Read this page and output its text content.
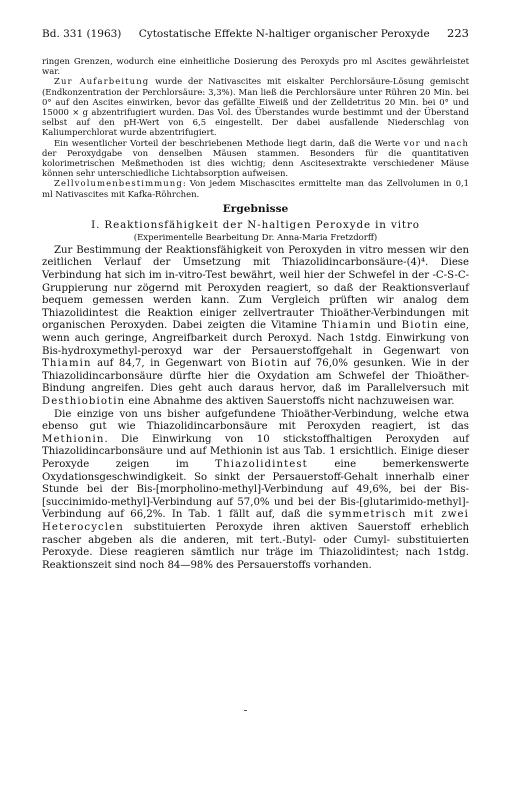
Bd. 331 (1963) Cytostatische Effekte N-haltiger organischer Peroxyde 223

ringen Grenzen, wodurch eine einheitliche Dosierung des Peroxyds pro ml Ascites gewährleistet war.

Zur Aufarbeitung wurde der Nativascites mit eiskalter Perchlorsäure-Lösung gemischt (Endkonzentration der Perchlorsäure: 3,3%). Man ließ die Perchlorsäure unter Rühren 20 Min. bei 0° auf den Ascites einwirken, bevor das gefällte Eiweiß und der Zelldetritus 20 Min. bei 0° und 15000 × g abzentrifugiert wurden. Das Vol. des Überstandes wurde bestimmt und der Überstand selbst auf den pH-Wert von 6,5 eingestellt. Der dabei ausfallende Niederschlag von Kaliumperchlorat wurde abzentrifugiert.

Ein wesentlicher Vorteil der beschriebenen Methode liegt darin, daß die Werte vor und nach der Peroxydgabe von denselben Mäusen stammen. Besonders für die quantitativen kolorimetrischen Meßmethoden ist dies wichtig; denn Ascitesextrakte verschiedener Mäuse können sehr unterschiedliche Lichtabsorption aufweisen.

Zellvolumenbestimmung: Von jedem Mischascites ermittelte man das Zellvolumen in 0,1 ml Nativascites mit Kafka-Röhrchen.

Ergebnisse
I. Reaktionsfähigkeit der N-haltigen Peroxyde in vitro
(Experimentelle Bearbeitung Dr. Anna-Maria Fretzdorff)

Zur Bestimmung der Reaktionsfähigkeit von Peroxyden in vitro messen wir den zeitlichen Verlauf der Umsetzung mit Thiazolidincarbonsäure-(4)⁴. Diese Verbindung hat sich im in-vitro-Test bewährt, weil hier der Schwefel in der -C-S-C-Gruppierung nur zögernd mit Peroxyden reagiert, so daß der Reaktionsverlauf bequem gemessen werden kann. Zum Vergleich prüften wir analog dem Thiazolidintest die Reaktion einiger zellvertrauter Thioäther-Verbindungen mit organischen Peroxyden. Dabei zeigten die Vitamine Thiamin und Biotin eine, wenn auch geringe, Angreifbarkeit durch Peroxyd. Nach 1stdg. Einwirkung von Bis-hydroxymethyl-peroxyd war der Persauerstoffgehalt in Gegenwart von Thiamin auf 84,7, in Gegenwart von Biotin auf 76,0% gesunken. Wie in der Thiazolidincarbonsäure dürfte hier die Oxydation am Schwefel der Thioäther-Bindung angreifen. Dies geht auch daraus hervor, daß im Parallelversuch mit Desthiobiotin eine Abnahme des aktiven Sauerstoffs nicht nachzuweisen war.

Die einzige von uns bisher aufgefundene Thioäther-Verbindung, welche etwa ebenso gut wie Thiazolidincarbonsäure mit Peroxyden reagiert, ist das Methionin. Die Einwirkung von 10 stickstoffhaltigen Peroxyden auf Thiazolidincarbonsäure und auf Methionin ist aus Tab. 1 ersichtlich. Einige dieser Peroxyde zeigen im Thiazolidintest eine bemerkenswerte Oxydationsgeschwindigkeit. So sinkt der Persauerstoff-Gehalt innerhalb einer Stunde bei der Bis-[morpholino-methyl]-Verbindung auf 49,6%, bei der Bis-[succinimido-methyl]-Verbindung auf 57,0% und bei der Bis-[glutarimido-methyl]-Verbindung auf 66,2%. In Tab. 1 fällt auf, daß die symmetrisch mit zwei Heterocyclen substituierten Peroxyde ihren aktiven Sauerstoff erheblich rascher abgeben als die anderen, mit tert.-Butyl- oder Cumyl- substituierten Peroxyde. Diese reagieren sämtlich nur träge im Thiazolidintest; nach 1stdg. Reaktionszeit sind noch 84—98% des Persauerstoffs vorhanden.
